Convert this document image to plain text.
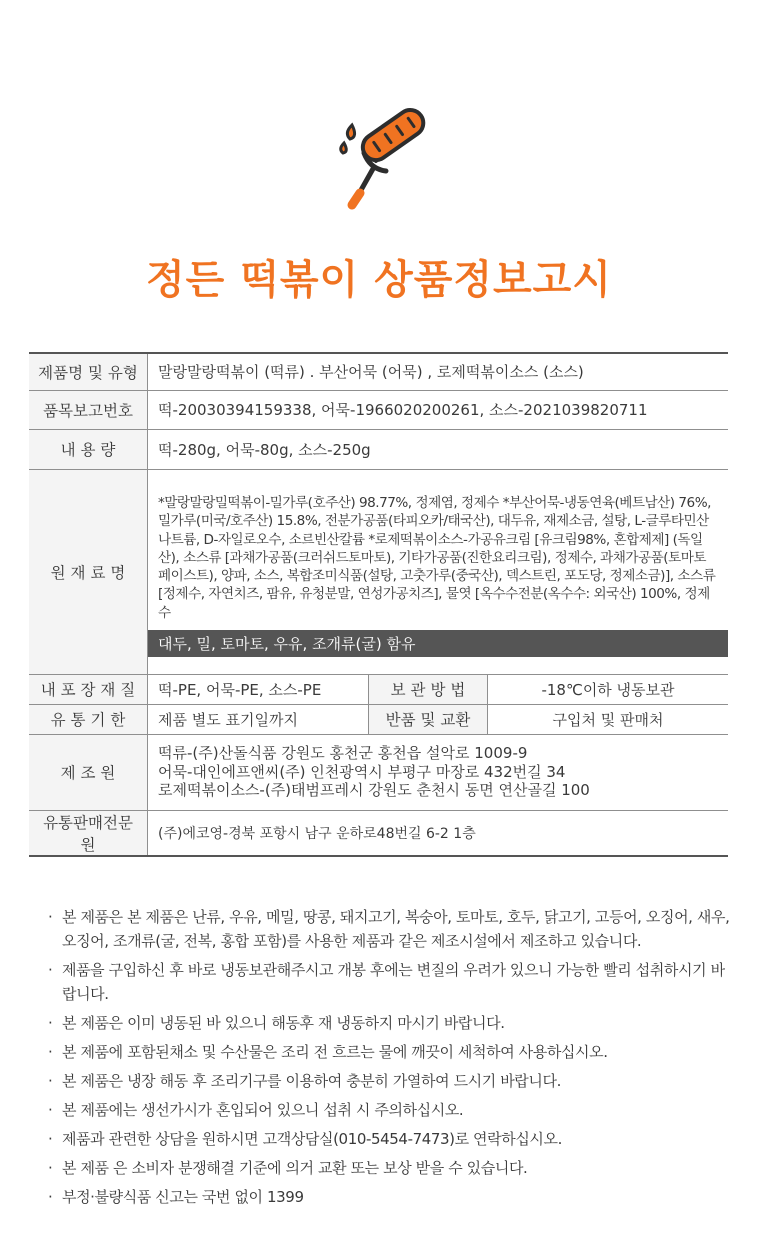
정든 떡볶이 상품정보고시
제품명 및 유형	말랑말랑떡볶이 (떡류) . 부산어묵 (어묵) , 로제떡볶이소스 (소스)		
품목보고번호	떡-20030394159338, 어묵-1966020200261, 소스-2021039820711		
내 용 량	떡-280g, 어묵-80g, 소스-250g		
원 재 료 명	*말랑말랑밀떡볶이-밀가루(호주산) 98.77%, 정제염, 정제수 *부산어묵-냉동연육(베트남산) 76%, 밀가루(미국/호주산) 15.8%, 전분가공품(타피오카/태국산), 대두유, 재제소금, 설탕, L-글루타민산나트륨, D-자일로오수, 소르빈산칼륨 *로제떡볶이소스-가공유크림 [유크림98%, 혼합제제] (독일산), 소스류 [과채가공품(크러쉬드토마토), 기타가공품(진한요리크림), 정제수, 과채가공품(토마토페이스트), 양파, 소스, 복합조미식품(설탕, 고춧가루(중국산), 덱스트린, 포도당, 정제소금)], 소스류 [정제수, 자연치즈, 팜유, 유청분말, 연성가공치즈], 물엿 [옥수수전분(옥수수: 외국산) 100%, 정제수
대두, 밀, 토마토, 우유, 조개류(굴) 함유		

내 포 장 재 질	떡-PE, 어묵-PE, 소스-PE	보 관 방 법	-18℃이하 냉동보관
유 통 기 한	제품 별도 표기일까지	반품 및 교환	구입처 및 판매처
제 조 원	떡류-(주)산돌식품 강원도 홍천군 홍천읍 설악로 1009-9
어묵-대인에프앤씨(주) 인천광역시 부평구 마장로 432번길 34
로제떡볶이소스-(주)태범프레시 강원도 춘천시 동면 연산골길 100		

유통판매전문원	(주)에코영-경북 포항시 남구 운하로48번길 6-2 1층		
· 본 제품은 본 제품은 난류, 우유, 메밀, 땅콩, 돼지고기, 복숭아, 토마토, 호두, 닭고기, 고등어, 오징어, 새우, 오징어, 조개류(굴, 전복, 홍합 포함)를 사용한 제품과 같은 제조시설에서 제조하고 있습니다.
· 제품을 구입하신 후 바로 냉동보관해주시고 개봉 후에는 변질의 우려가 있으니 가능한 빨리 섭취하시기 바랍니다.
· 본 제품은 이미 냉동된 바 있으니 해동후 재 냉동하지 마시기 바랍니다.
· 본 제품에 포함된채소 및 수산물은 조리 전 흐르는 물에 깨끗이 세척하여 사용하십시오.
· 본 제품은 냉장 해동 후 조리기구를 이용하여 충분히 가열하여 드시기 바랍니다.
· 본 제품에는 생선가시가 혼입되어 있으니 섭취 시 주의하십시오.
· 제품과 관련한 상담을 원하시면 고객상담실(010-5454-7473)로 연락하십시오.
· 본 제품 은 소비자 분쟁해결 기준에 의거 교환 또는 보상 받을 수 있습니다.
· 부정·불량식품 신고는 국번 없이 1399
